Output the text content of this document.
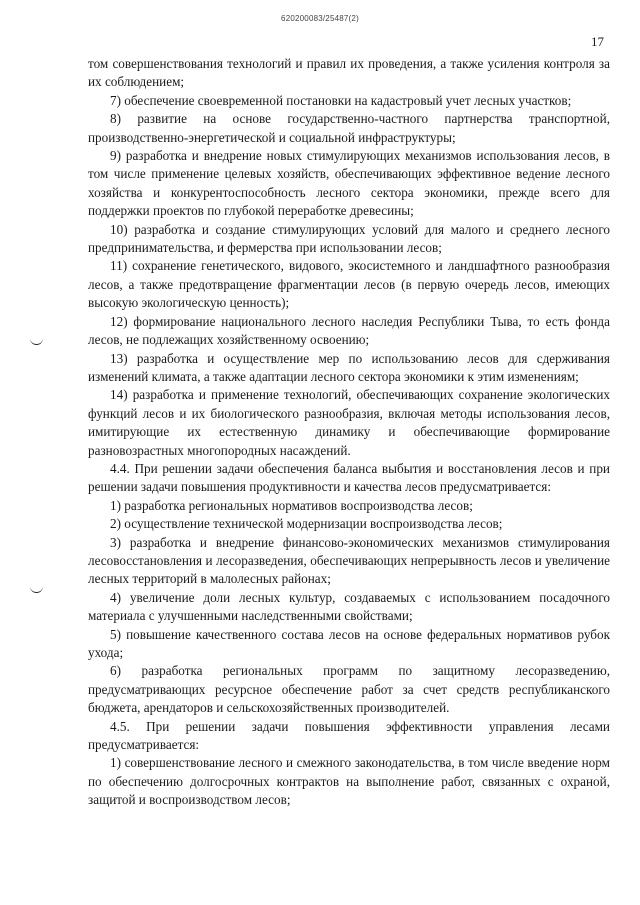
620200083/25487(2)
17

том совершенствования технологий и правил их проведения, а также усиления контроля за их соблюдением;

7) обеспечение своевременной постановки на кадастровый учет лесных участков;

8) развитие на основе государственно-частного партнерства транспортной, производственно-энергетической и социальной инфраструктуры;

9) разработка и внедрение новых стимулирующих механизмов использования лесов, в том числе применение целевых хозяйств, обеспечивающих эффективное ведение лесного хозяйства и конкурентоспособность лесного сектора экономики, прежде всего для поддержки проектов по глубокой переработке древесины;

10) разработка и создание стимулирующих условий для малого и среднего лесного предпринимательства, и фермерства при использовании лесов;

11) сохранение генетического, видового, экосистемного и ландшафтного разнообразия лесов, а также предотвращение фрагментации лесов (в первую очередь лесов, имеющих высокую экологическую ценность);

12) формирование национального лесного наследия Республики Тыва, то есть фонда лесов, не подлежащих хозяйственному освоению;

13) разработка и осуществление мер по использованию лесов для сдерживания изменений климата, а также адаптации лесного сектора экономики к этим изменениям;

14) разработка и применение технологий, обеспечивающих сохранение экологических функций лесов и их биологического разнообразия, включая методы использования лесов, имитирующие их естественную динамику и обеспечивающие формирование разновозрастных многопородных насаждений.

4.4. При решении задачи обеспечения баланса выбытия и восстановления лесов и при решении задачи повышения продуктивности и качества лесов предусматривается:

1) разработка региональных нормативов воспроизводства лесов;

2) осуществление технической модернизации воспроизводства лесов;

3) разработка и внедрение финансово-экономических механизмов стимулирования лесовосстановления и лесоразведения, обеспечивающих непрерывность лесов и увеличение лесных территорий в малолесных районах;

4) увеличение доли лесных культур, создаваемых с использованием посадочного материала с улучшенными наследственными свойствами;

5) повышение качественного состава лесов на основе федеральных нормативов рубок ухода;

6) разработка региональных программ по защитному лесоразведению, предусматривающих ресурсное обеспечение работ за счет средств республиканского бюджета, арендаторов и сельскохозяйственных производителей.

4.5. При решении задачи повышения эффективности управления лесами предусматривается:

1) совершенствование лесного и смежного законодательства, в том числе введение норм по обеспечению долгосрочных контрактов на выполнение работ, связанных с охраной, защитой и воспроизводством лесов;
